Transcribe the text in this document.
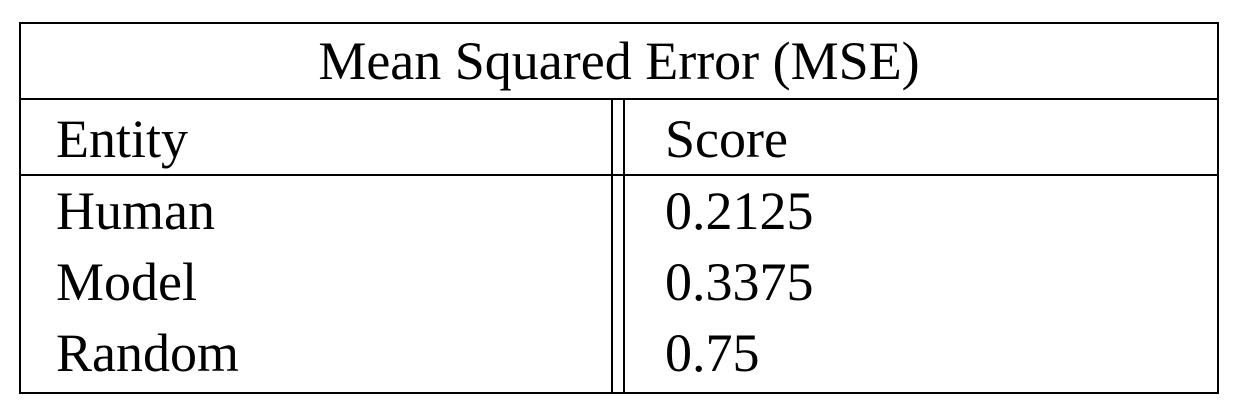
Mean Squared Error (MSE)
Entity	Score
Human	0.2125
Model	0.3375
Random	0.75
